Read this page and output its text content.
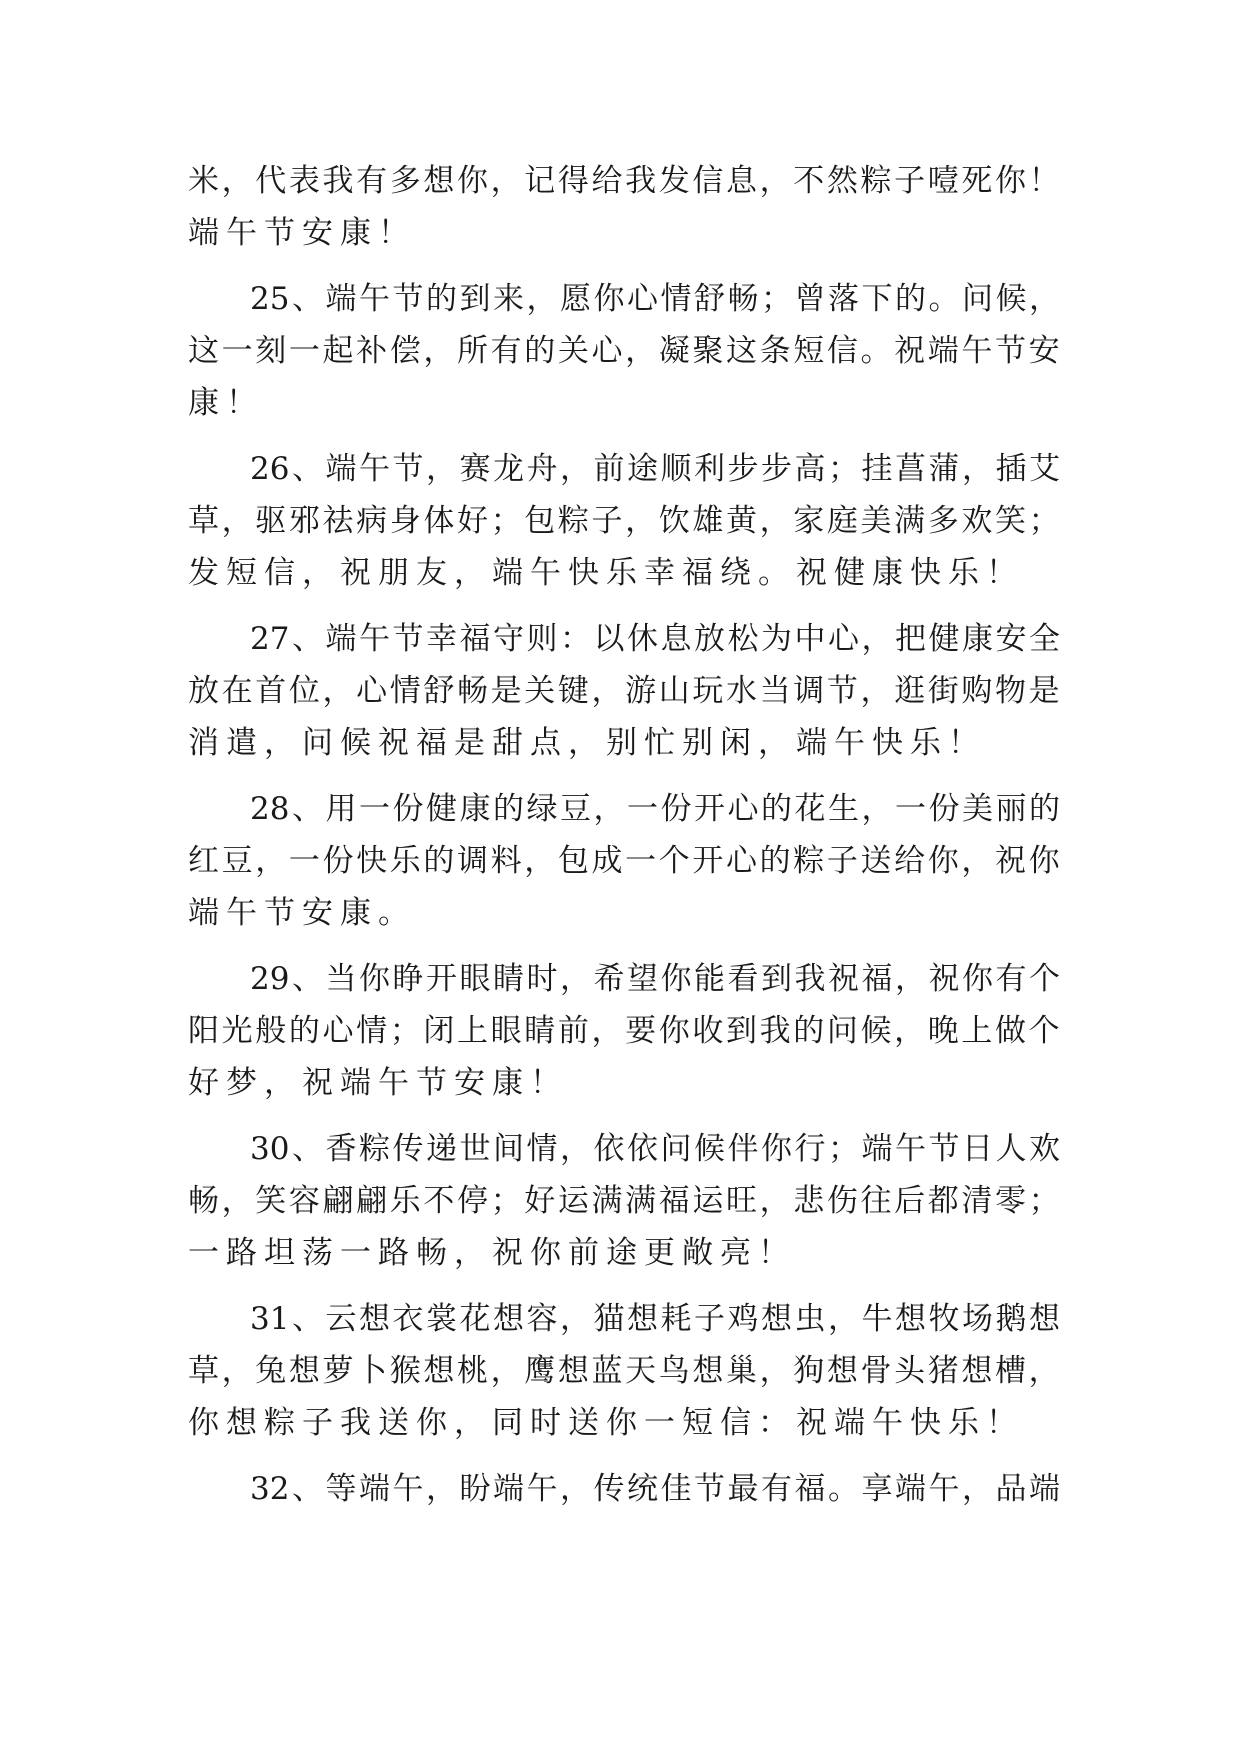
米 ， 代 表 我 有 多 想 你 ， 记 得 给 我 发 信 息 ， 不 然 粽 子 噎 死 你 ！
端 午 节 安 康 ！
25 、 端 午 节 的 到 来 ， 愿 你 心 情 舒 畅 ； 曾 落 下 的 。 问 候 ，
这 一 刻 一 起 补 偿 ， 所 有 的 关 心 ， 凝 聚 这 条 短 信 。 祝 端 午 节 安
康 ！
26 、 端 午 节 ， 赛 龙 舟 ， 前 途 顺 利 步 步 高 ； 挂 菖 蒲 ， 插 艾
草 ， 驱 邪 祛 病 身 体 好 ； 包 粽 子 ， 饮 雄 黄 ， 家 庭 美 满 多 欢 笑 ；
发 短 信 ， 祝 朋 友 ， 端 午 快 乐 幸 福 绕 。 祝 健 康 快 乐 ！
27 、 端 午 节 幸 福 守 则 ： 以 休 息 放 松 为 中 心 ， 把 健 康 安 全
放 在 首 位 ， 心 情 舒 畅 是 关 键 ， 游 山 玩 水 当 调 节 ， 逛 街 购 物 是
消 遣 ， 问 候 祝 福 是 甜 点 ， 别 忙 别 闲 ， 端 午 快 乐 ！
28 、 用 一 份 健 康 的 绿 豆 ， 一 份 开 心 的 花 生 ， 一 份 美 丽 的
红 豆 ， 一 份 快 乐 的 调 料 ， 包 成 一 个 开 心 的 粽 子 送 给 你 ， 祝 你
端 午 节 安 康 。
29 、 当 你 睁 开 眼 睛 时 ， 希 望 你 能 看 到 我 祝 福 ， 祝 你 有 个
阳 光 般 的 心 情 ； 闭 上 眼 睛 前 ， 要 你 收 到 我 的 问 候 ， 晚 上 做 个
好 梦 ， 祝 端 午 节 安 康 ！
30 、 香 粽 传 递 世 间 情 ， 依 依 问 候 伴 你 行 ； 端 午 节 日 人 欢
畅 ， 笑 容 翩 翩 乐 不 停 ； 好 运 满 满 福 运 旺 ， 悲 伤 往 后 都 清 零 ；
一 路 坦 荡 一 路 畅 ， 祝 你 前 途 更 敞 亮 ！
31 、 云 想 衣 裳 花 想 容 ， 猫 想 耗 子 鸡 想 虫 ， 牛 想 牧 场 鹅 想
草 ， 兔 想 萝 卜 猴 想 桃 ， 鹰 想 蓝 天 鸟 想 巢 ， 狗 想 骨 头 猪 想 槽 ，
你 想 粽 子 我 送 你 ， 同 时 送 你 一 短 信 ： 祝 端 午 快 乐 ！
32 、 等 端 午 ， 盼 端 午 ， 传 统 佳 节 最 有 福 。 享 端 午 ， 品 端
